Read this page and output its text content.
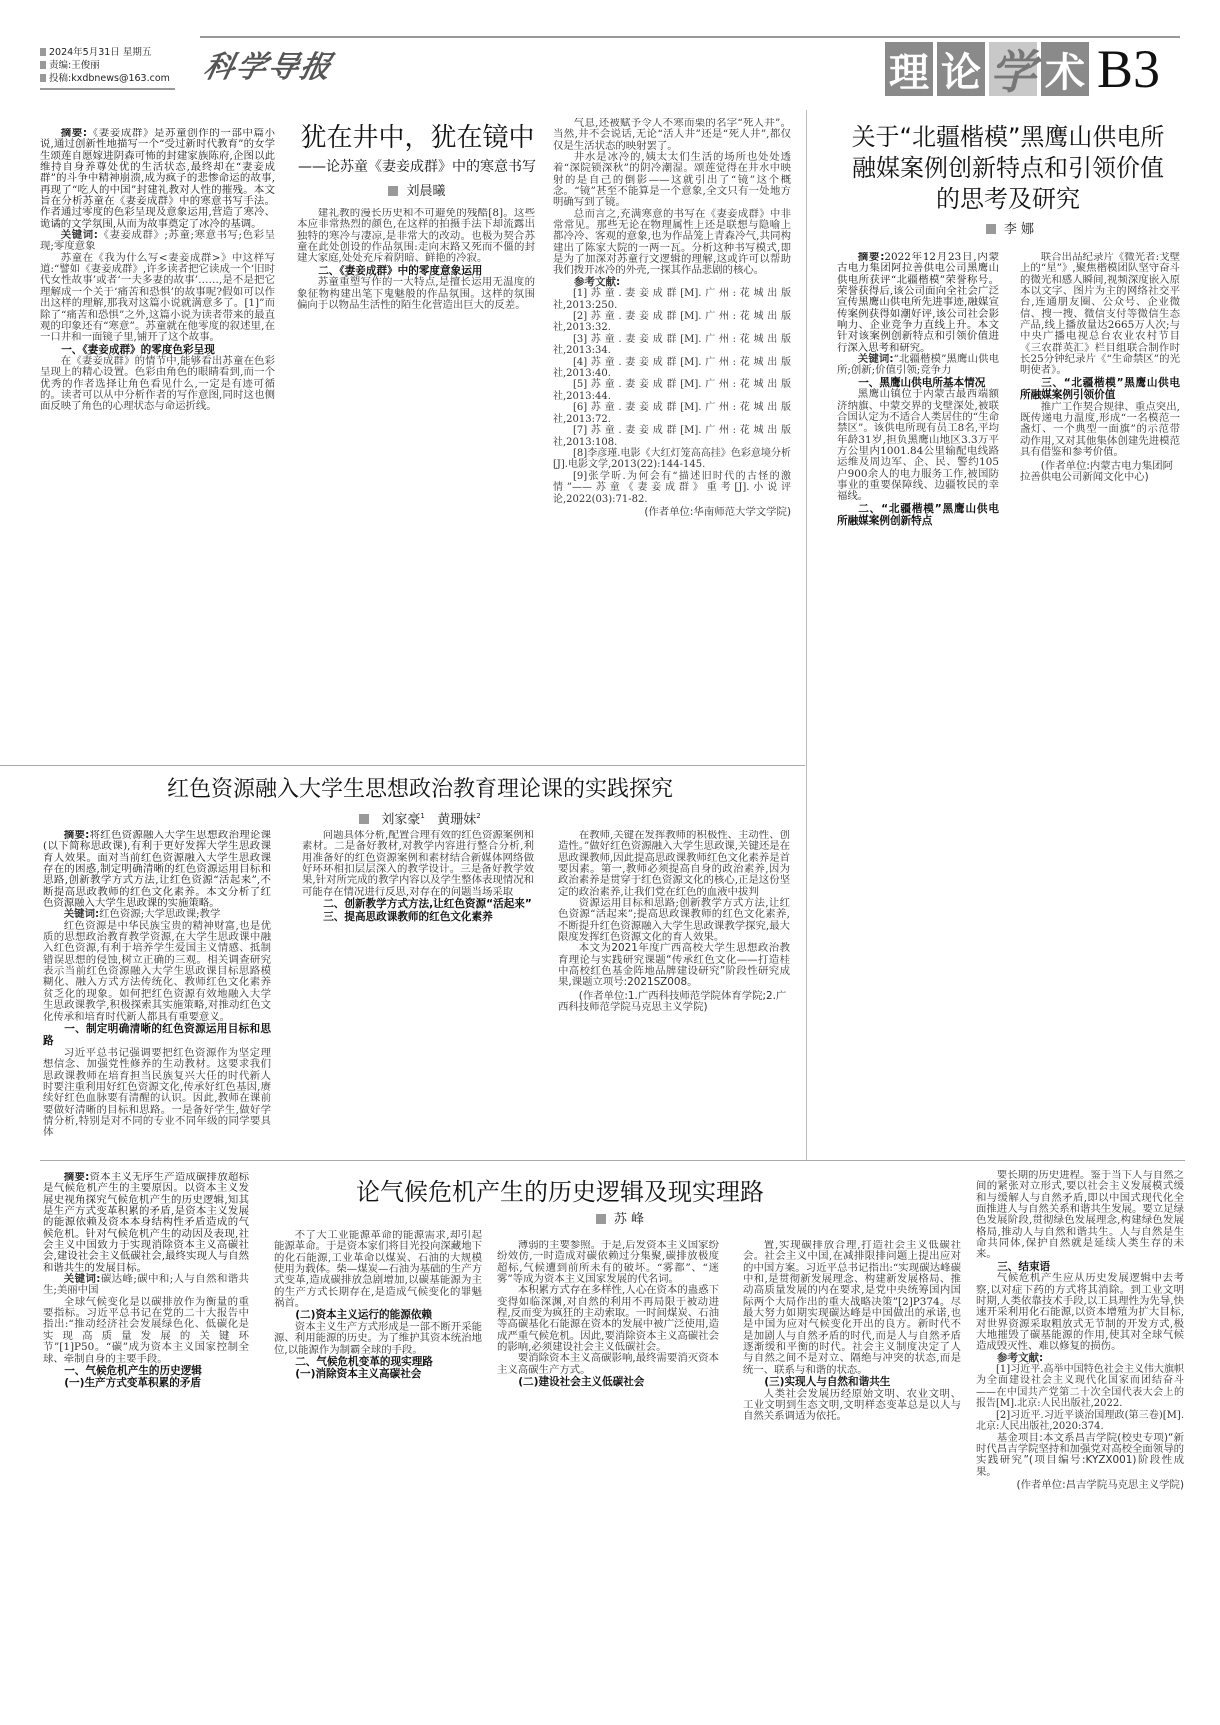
2024年5月31日 星期五
责编:王俊丽
投稿:kxdbnews@163.com 科学导报	理 论 学 术 B3

摘要:《妻妾成群》是苏童创作的一部中篇小说,通过创新性地描写一个“受过新时代教育”的女学生颂莲自愿嫁进阴森可怖的封建家族陈府,企图以此维持自身养尊处优的生活状态,最终却在“妻妾成群”的斗争中精神崩溃,成为疯子的悲惨命运的故事,再现了“吃人的中国”封建礼教对人性的摧残。本文旨在分析苏童在《妻妾成群》中的寒意书写手法。作者通过零度的色彩呈现及意象运用,营造了寒冷、诡谲的文学氛围,从而为故事奠定了冰冷的基调。

关键词:《妻妾成群》;苏童;寒意书写;色彩呈现;零度意象

苏童在《我为什么写<妻妾成群>》中这样写道:“譬如《妻妾成群》,许多读者把它读成一个‘旧时代女性故事’或者‘一夫多妻的故事’……,是不是把它理解成一个关于‘痛苦和恐惧’的故事呢?假如可以作出这样的理解,那我对这篇小说就满意多了。[1]”而除了“痛苦和恐惧”之外,这篇小说为读者带来的最直观的印象还有“寒意”。苏童就在他零度的叙述里,在一口井和一面镜子里,铺开了这个故事。

一、《妻妾成群》的零度色彩呈现

在《妻妾成群》的情节中,能够看出苏童在色彩呈现上的精心设置。色彩由角色的眼睛看到,而一个优秀的作者选择让角色看见什么,一定是有迹可循的。读者可以从中分析作者的写作意图,同时这也侧面反映了角色的心理状态与命运折线。

犹在井中，犹在镜中
——论苏童《妻妾成群》中的寒意书写
刘晨曦

建礼教的漫长历史和不可避免的残酷[8]。这些本应非常热烈的颜色,在这样的拍摄手法下却流露出独特的寒冷与凄凉,是非常大的改动。也极为契合苏童在此处创设的作品氛围:走向末路又死而不僵的封建大家庭,处处充斥着阴暗、鲜艳的冷寂。

二、《妻妾成群》中的零度意象运用

苏童重塑写作的一大特点,是擅长运用无温度的象征物构建出笔下鬼魅般的作品氛围。这样的氛围偏向于以物品生活性的陌生化营造出巨大的反差。

气息,还被赋予令人不寒而栗的名字“死人井”。当然,井不会说话,无论“活人井”还是“死人井”,都仅仅是生活状态的映射罢了。

井水是冰冷的,姨太太们生活的场所也处处透着“深院锁深秋”的阴冷潮湿。颂莲觉得在井水中映射的是自己的倒影——这就引出了“镜”这个概念。“镜”甚至不能算是一个意象,全文只有一处地方明确写到了镜。

总而言之,充满寒意的书写在《妻妾成群》中非常常见。那些无论在物理属性上还是联想与隐喻上都冷冷、客观的意象,也为作品笼上青森冷气,共同构建出了陈家大院的一两一瓦。分析这种书写模式,即是为了加深对苏童行文逻辑的理解,这或许可以帮助我们拨开冰冷的外壳,一探其作品悲剧的核心。

参考文献:
[1]苏童.妻妾成群[M].广州:花城出版社,2013:250.
[2]苏童.妻妾成群[M].广州:花城出版社,2013:32.
[3]苏童.妻妾成群[M].广州:花城出版社,2013:34.
[4]苏童.妻妾成群[M].广州:花城出版社,2013:40.
[5]苏童.妻妾成群[M].广州:花城出版社,2013:44.
[6]苏童.妻妾成群[M].广州:花城出版社,2013:72.
[7]苏童.妻妾成群[M].广州:花城出版社,2013:108.
[8]李彦瑾.电影《大红灯笼高高挂》色彩意境分析[J].电影文学,2013(22):144-145.
[9]张学昕.为何会有“描述旧时代的古怪的激情”——苏童《妻妾成群》重考[J].小说评论,2022(03):71-82.
(作者单位:华南师范大学文学院)
关于“北疆楷模”黑鹰山供电所
融媒案例创新特点和引领价值
的思考及研究
李 娜

摘要:2022年12月23日,内蒙古电力集团阿拉善供电公司黑鹰山供电所获评“北疆楷模”荣誉称号。荣誉获得后,该公司面向全社会广泛宣传黑鹰山供电所先进事迹,融媒宣传案例获得如潮好评,该公司社会影响力、企业竞争力直线上升。本文针对该案例创新特点和引领价值进行深入思考和研究。

关键词:“北疆楷模”黑鹰山供电所;创新;价值引领;竞争力

一、黑鹰山供电所基本情况

黑鹰山镇位于内蒙古最西端额济纳旗、中蒙交界的戈壁深处,被联合国认定为不适合人类居住的“生命禁区”。该供电所现有员工8名,平均年龄31岁,担负黑鹰山地区3.3万平方公里内1001.84公里输配电线路运维及周边军、企、民、警约105户900余人的电力服务工作,被国防事业的重要保障线、边疆牧民的幸福线。

二、“北疆楷模”黑鹰山供电所融媒案例创新特点

联合出品纪录片《微光者:戈壁上的“星”》,聚焦楷模团队坚守奋斗的微光和感人瞬间,视频深度嵌入原本以文字、图片为主的网络社交平台,连通朋友圈、公众号、企业微信、搜一搜、微信支付等微信生态产品,线上播放量达2665万人次;与中央广播电视总台农业农村节目《三农群英汇》栏目组联合制作时长25分钟纪录片《“生命禁区”的光明使者》。

三、“北疆楷模”黑鹰山供电所融媒案例引领价值

推广工作契合规律、重点突出,既传递电力温度,形成“一名模范一盏灯、一个典型一面旗”的示范带动作用,又对其他集体创建先进模范具有借鉴和参考价值。

(作者单位:内蒙古电力集团阿拉善供电公司新闻文化中心)
红色资源融入大学生思想政治教育理论课的实践探究
刘家豪$^1$ 黄珊妹$^2$

摘要:将红色资源融入大学生思想政治理论课(以下简称思政课),有利于更好发挥大学生思政课育人效果。面对当前红色资源融入大学生思政课存在的困惑,制定明确清晰的红色资源运用目标和思路,创新教学方式方法,让红色资源“活起来”,不断提高思政教师的红色文化素养。本文分析了红色资源融入大学生思政课的实施策略。

关键词:红色资源;大学思政课;教学

红色资源是中华民族宝贵的精神财富,也是优质的思想政治教育教学资源,在大学生思政课中融入红色资源,有利于培养学生爱国主义情感、抵制错误思想的侵蚀,树立正确的三观。相关调查研究表示当前红色资源融入大学生思政课目标思路模糊化、融入方式方法传统化、教师红色文化素养贫乏化的现象。如何把红色资源有效地融入大学生思政课教学,积极探索其实施策略,对推动红色文化传承和培育时代新人都具有重要意义。

一、制定明确清晰的红色资源运用目标和思路

习近平总书记强调要把红色资源作为坚定理想信念、加强党性修养的生动教材。这要求我们思政课教师在培育担当民族复兴大任的时代新人时要注重利用好红色资源文化,传承好红色基因,赓续好红色血脉要有清醒的认识。因此,教师在课前要做好清晰的目标和思路。一是备好学生,做好学情分析,特别是对不同的专业不同年级的同学要具体

问题具体分析,配置合理有效的红色资源案例和素材。二是备好教材,对教学内容进行整合分析,利用准备好的红色资源案例和素材结合新媒体网络做好环环相扣层层深入的教学设计。三是备好教学效果,针对所完成的教学内容以及学生整体表现情况和可能存在情况进行反思,对存在的问题当场采取

二、创新教学方式方法,让红色资源“活起来”
三、提高思政课教师的红色文化素养

在教师,关键在发挥教师的积极性、主动性、创造性。”做好红色资源融入大学生思政课,关键还是在思政课教师,因此提高思政课教师红色文化素养是首要因素。第一,教师必须提高自身的政治素养,因为政治素养是贯穿于红色资源文化的核心,正是这份坚定的政治素养,让我们党在红色的血液中拔判

资源运用目标和思路;创新教学方式方法,让红色资源“活起来”;提高思政课教师的红色文化素养,不断提升红色资源融入大学生思政课教学探究,最大限度发挥红色资源文化的育人效果。

本文为2021年度广西高校大学生思想政治教育理论与实践研究课题“传承红色文化——打造桂中高校红色基金阵地品牌建设研究”阶段性研究成果,课题立项号:2021SZ008。

(作者单位:1.广西科技师范学院体育学院;2.广西科技师范学院马克思主义学院)

摘要:资本主义无序生产造成碳排放超标是气候危机产生的主要原因。以资本主义发展史视角探究气候危机产生的历史逻辑,知其是生产方式变革积累的矛盾,是资本主义发展的能源依赖及资本本身结构性矛盾造成的气候危机。针对气候危机产生的动因及表现,社会主义中国致力于实现消除资本主义高碳社会,建设社会主义低碳社会,最终实现人与自然和谐共生的发展目标。

关键词:碳达峰;碳中和;人与自然和谐共生;美丽中国

全球气候变化是以碳排放作为衡量的重要指标。习近平总书记在党的二十大报告中指出:“推动经济社会发展绿色化、低碳化是实现高质量发展的关键环节”[1]P50。“碳”成为资本主义国家控制全球、牵制自身的主要手段。

一、气候危机产生的历史逻辑
(一)生产方式变革积累的矛盾
论气候危机产生的历史逻辑及现实理路
苏 峰

不了大工业能源革命的能源需求,却引起能源革命。于是资本家们将目光投向深藏地下的化石能源,工业革命以煤炭、石油的大规模使用为载体。柴—煤炭—石油为基础的生产方式变革,造成碳排放急剧增加,以碳基能源为主的生产方式长期存在,是造成气候变化的罪魁祸首。

(二)资本主义运行的能源依赖

资本主义生产方式形成是一部不断开采能源、利用能源的历史。为了维护其资本统治地位,以能源作为制霸全球的手段。

二、气候危机变革的现实理路
(一)消除资本主义高碳社会

薄弱的主要参照。于是,后发资本主义国家纷纷效仿,一时造成对碳依赖过分集聚,碳排放极度超标,气候遭到前所未有的破坏。“雾都”、“迷雾”等成为资本主义国家发展的代名词。

本积累方式存在多样性,人心在资本的蛊惑下变得如临深渊,对自然的利用不再局限于被动进程,反而变为疯狂的主动索取。一时间煤炭、石油等高碳基化石能源在资本的发展中被广泛使用,造成严重气候危机。因此,要消除资本主义高碳社会的影响,必须建设社会主义低碳社会。

要消除资本主义高碳影响,最终需要消灭资本主义高碳生产方式。

(二)建设社会主义低碳社会

置,实现碳排放合理,打造社会主义低碳社会。社会主义中国,在减排限排问题上提出应对的中国方案。习近平总书记指出:“实现碳达峰碳中和,是贯彻新发展理念、构建新发展格局、推动高质量发展的内在要求,是党中央统筹国内国际两个大局作出的重大战略决策”[2]P374。尽最大努力如期实现碳达峰是中国做出的承诺,也是中国为应对气候变化开出的良方。新时代不是加剧人与自然矛盾的时代,而是人与自然矛盾逐渐缓和平衡的时代。社会主义制度决定了人与自然之间不是对立、隔绝与冲突的状态,而是统一、联系与和谐的状态。

(三)实现人与自然和谐共生

人类社会发展历经原始文明、农业文明、工业文明到生态文明,文明样态变革总是以人与自然关系调适为依托。

要长期的历史进程。鉴于当下人与自然之间的紧张对立形式,要以社会主义发展模式缓和与缓解人与自然矛盾,即以中国式现代化全面推进人与自然关系和谐共生发展。要立足绿色发展阶段,贯彻绿色发展理念,构建绿色发展格局,推动人与自然和谐共生。人与自然是生命共同体,保护自然就是延续人类生存的未来。

三、结束语

气候危机产生应从历史发展逻辑中去考察,以对症下药的方式将其消除。到工业文明时期,人类依靠技术手段,以工具理性为先导,快速开采利用化石能源,以资本增殖为扩大目标,对世界资源采取粗放式无节制的开发方式,极大地摧毁了碳基能源的作用,使其对全球气候造成毁灭性、难以修复的损伤。

参考文献:
[1]习近平.高举中国特色社会主义伟大旗帜 为全面建设社会主义现代化国家而团结奋斗——在中国共产党第二十次全国代表大会上的报告[M].北京:人民出版社,2022.
[2]习近平.习近平谈治国理政(第三卷)[M].北京:人民出版社,2020:374.

基金项目:本文系昌吉学院(校史专项)“新时代昌吉学院坚持和加强党对高校全面领导的实践研究”(项目编号:KYZX001)阶段性成果。

(作者单位:昌吉学院马克思主义学院)
